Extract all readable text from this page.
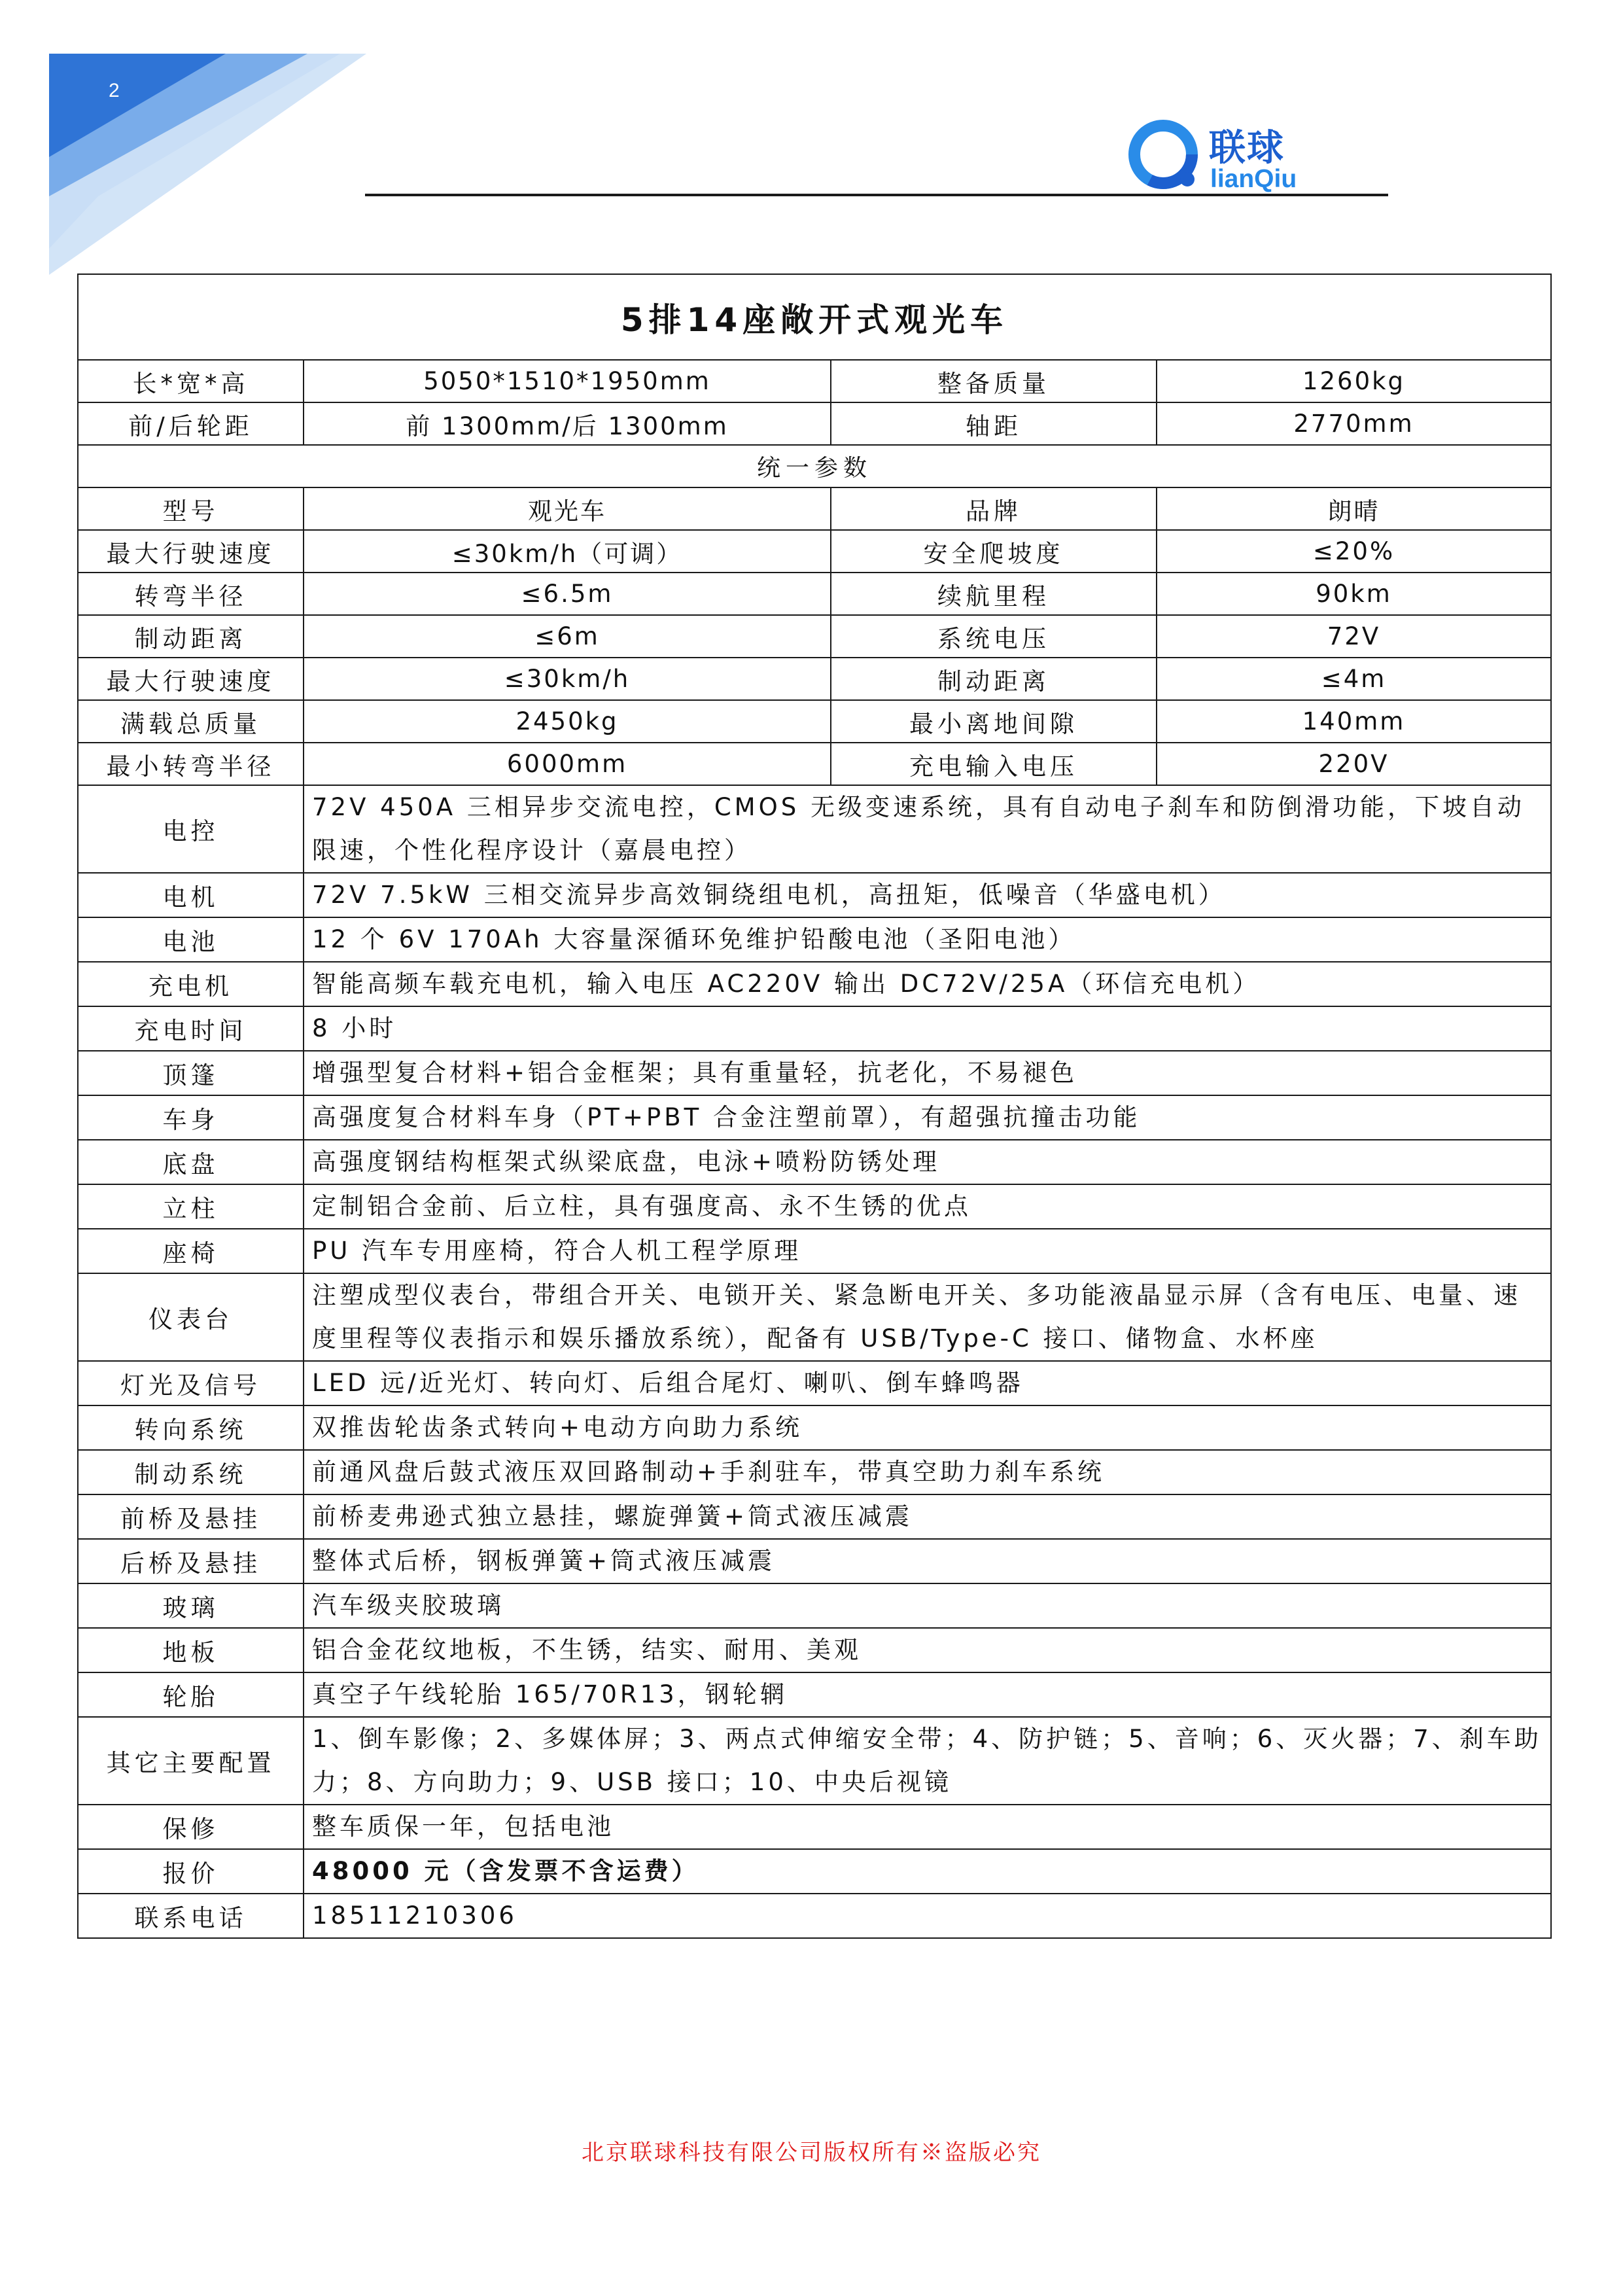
2
联球
lianQiu
5排14座敞开式观光车			
长*宽*高	5050*1510*1950mm	整备质量	1260kg
前/后轮距	前 1300mm/后 1300mm	轴距	2770mm
统一参数			
型号	观光车	品牌	朗晴
最大行驶速度	≤30km/h（可调）	安全爬坡度	≤20%
转弯半径	≤6.5m	续航里程	90km
制动距离	≤6m	系统电压	72V
最大行驶速度	≤30km/h	制动距离	≤4m
满载总质量	2450kg	最小离地间隙	140mm
最小转弯半径	6000mm	充电输入电压	220V
电控	72V 450A 三相异步交流电控，CMOS 无级变速系统，具有自动电子刹车和防倒滑功能，下坡自动限速，个性化程序设计（嘉晨电控）		
电机	72V 7.5kW 三相交流异步高效铜绕组电机，高扭矩，低噪音（华盛电机）		
电池	12 个 6V 170Ah 大容量深循环免维护铅酸电池（圣阳电池）		
充电机	智能高频车载充电机，输入电压 AC220V 输出 DC72V/25A（环信充电机）		
充电时间	8 小时		
顶篷	增强型复合材料+铝合金框架；具有重量轻，抗老化，不易褪色		
车身	高强度复合材料车身（PT+PBT 合金注塑前罩），有超强抗撞击功能		
底盘	高强度钢结构框架式纵梁底盘，电泳+喷粉防锈处理		
立柱	定制铝合金前、后立柱，具有强度高、永不生锈的优点		
座椅	PU 汽车专用座椅，符合人机工程学原理		
仪表台	注塑成型仪表台，带组合开关、电锁开关、紧急断电开关、多功能液晶显示屏（含有电压、电量、速度里程等仪表指示和娱乐播放系统），配备有 USB/Type-C 接口、储物盒、水杯座		
灯光及信号	LED 远/近光灯、转向灯、后组合尾灯、喇叭、倒车蜂鸣器		
转向系统	双推齿轮齿条式转向+电动方向助力系统		
制动系统	前通风盘后鼓式液压双回路制动+手刹驻车，带真空助力刹车系统		
前桥及悬挂	前桥麦弗逊式独立悬挂，螺旋弹簧+筒式液压减震		
后桥及悬挂	整体式后桥，钢板弹簧+筒式液压减震		
玻璃	汽车级夹胶玻璃		
地板	铝合金花纹地板，不生锈，结实、耐用、美观		
轮胎	真空子午线轮胎 165/70R13，钢轮辋		
其它主要配置	1、倒车影像；2、多媒体屏；3、两点式伸缩安全带；4、防护链；5、音响；6、灭火器；7、刹车助力；8、方向助力；9、USB 接口；10、中央后视镜		
保修	整车质保一年，包括电池		
报价	48000 元（含发票不含运费）		
联系电话	18511210306		
北京联球科技有限公司版权所有※盗版必究
